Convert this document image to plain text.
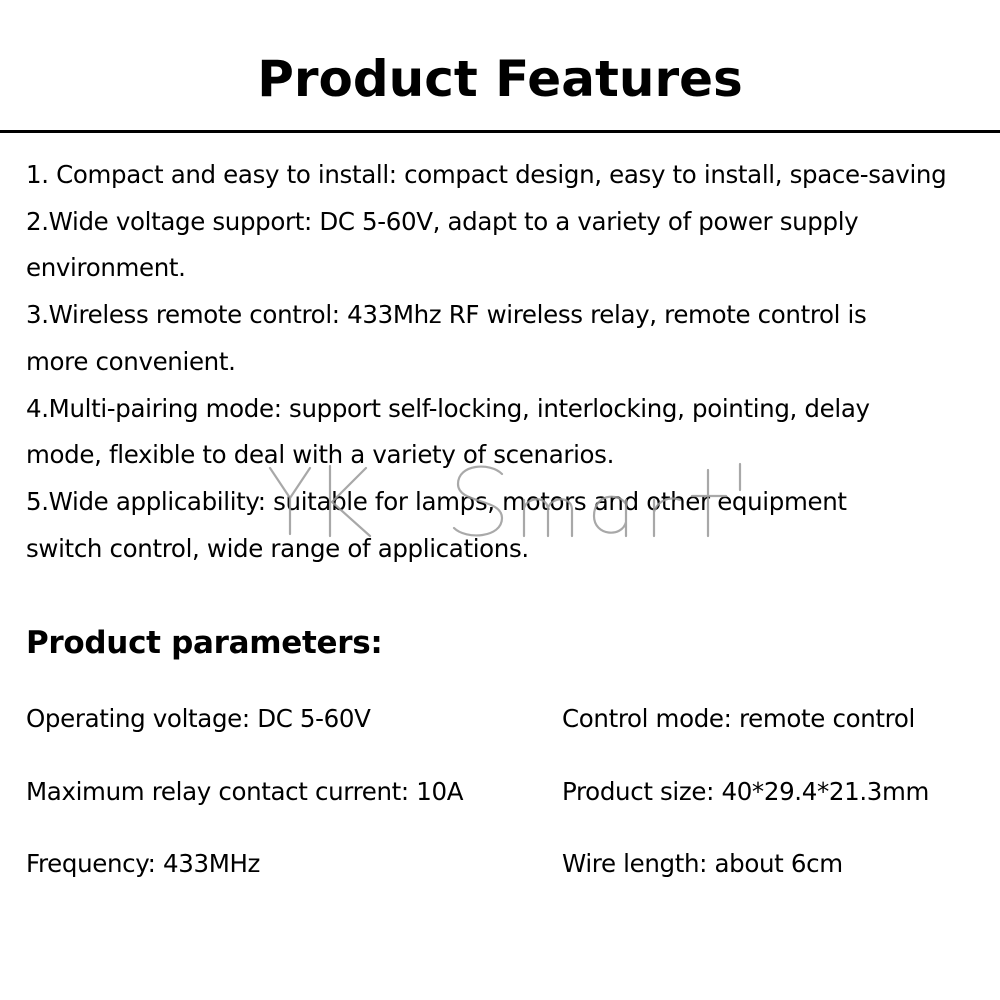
Product Features

1. Compact and easy to install: compact design, easy to install, space-saving

2.Wide voltage support: DC 5-60V, adapt to a variety of power supply
environment.

3.Wireless remote control: 433Mhz RF wireless relay, remote control is
more convenient.

4.Multi-pairing mode: support self-locking, interlocking, pointing, delay
mode, flexible to deal with a variety of scenarios.

5.Wide applicability: suitable for lamps, motors and other equipment
switch control, wide range of applications.

Product parameters:
Operating voltage: DC 5-60V	Control mode: remote control
Maximum relay contact current: 10A	Product size: 40*29.4*21.3mm
Frequency: 433MHz	Wire length: about 6cm
